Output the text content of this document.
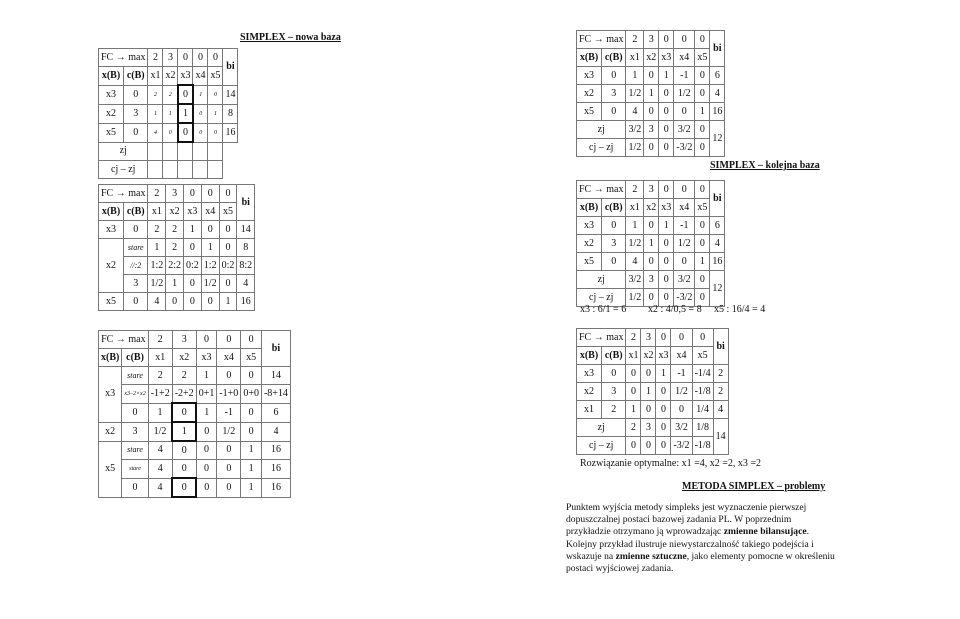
SIMPLEX – nowa baza
SIMPLEX – kolejna baza
METODA SIMPLEX – problemy
FC → max		2	3	0	0	0	bi
x(B)	c(B)	x1	x2	x3	x4	x5	
x3	0	2	2	0	1	0	14
x2	3	1	1	1	0	1	8
x5	0	4	0	0	0	0	16
zj							
cj – zj							
FC → max		2	3	0	0	0	bi
x(B)	c(B)	x1	x2	x3	x4	x5	
x3	0	2	2	1	0	0	14
x2	stare	1	2	0	1	0	8
	//:2	1:2	2:2	0:2	1:2	0:2	8:2
	3	1/2	1	0	1/2	0	4
x5	0	4	0	0	0	1	16
FC → max		2	3	0	0	0	bi
x(B)	c(B)	x1	x2	x3	x4	x5	
x3	stare	2	2	1	0	0	14
	x3–2×x2	-1+2	-2+2	0+1	-1+0	0+0	-8+14
	0	1	0	1	-1	0	6
x2	3	1/2	1	0	1/2	0	4
x5	stare	4	0	0	0	1	16
	stare	4	0	0	0	1	16
	0	4	0	0	0	1	16
FC → max		2	3	0	0	0	bi
x(B)	c(B)	x1	x2	x3	x4	x5	
x3	0	1	0	1	-1	0	6
x2	3	1/2	1	0	1/2	0	4
x5	0	4	0	0	0	1	16
zj		3/2	3	0	3/2	0	12
cj – zj		1/2	0	0	-3/2	0	
FC → max		2	3	0	0	0	bi
x(B)	c(B)	x1	x2	x3	x4	x5	
x3	0	1	0	1	-1	0	6
x2	3	1/2	1	0	1/2	0	4
x5	0	4	0	0	0	1	16
zj		3/2	3	0	3/2	0	12
cj – zj		1/2	0	0	-3/2	0	
x3 : 6/1 = 6 x2 : 4/0,5 = 8 x5 : 16/4 = 4
FC → max		2	3	0	0	0	bi
x(B)	c(B)	x1	x2	x3	x4	x5	
x3	0	0	0	1	-1	-1/4	2
x2	3	0	1	0	1/2	-1/8	2
x1	2	1	0	0	0	1/4	4
zj		2	3	0	3/2	1/8	14
cj – zj		0	0	0	-3/2	-1/8	
Rozwiązanie optymalne: x1 =4, x2 =2, x3 =2
Punktem wyjścia metody simpleks jest wyznaczenie pierwszej dopuszczalnej postaci bazowej zadania PL. W poprzednim przykładzie otrzymano ją wprowadzając zmienne bilansujące. Kolejny przykład ilustruje niewystarczalność takiego podejścia i wskazuje na zmienne sztuczne, jako elementy pomocne w określeniu postaci wyjściowej zadania.
